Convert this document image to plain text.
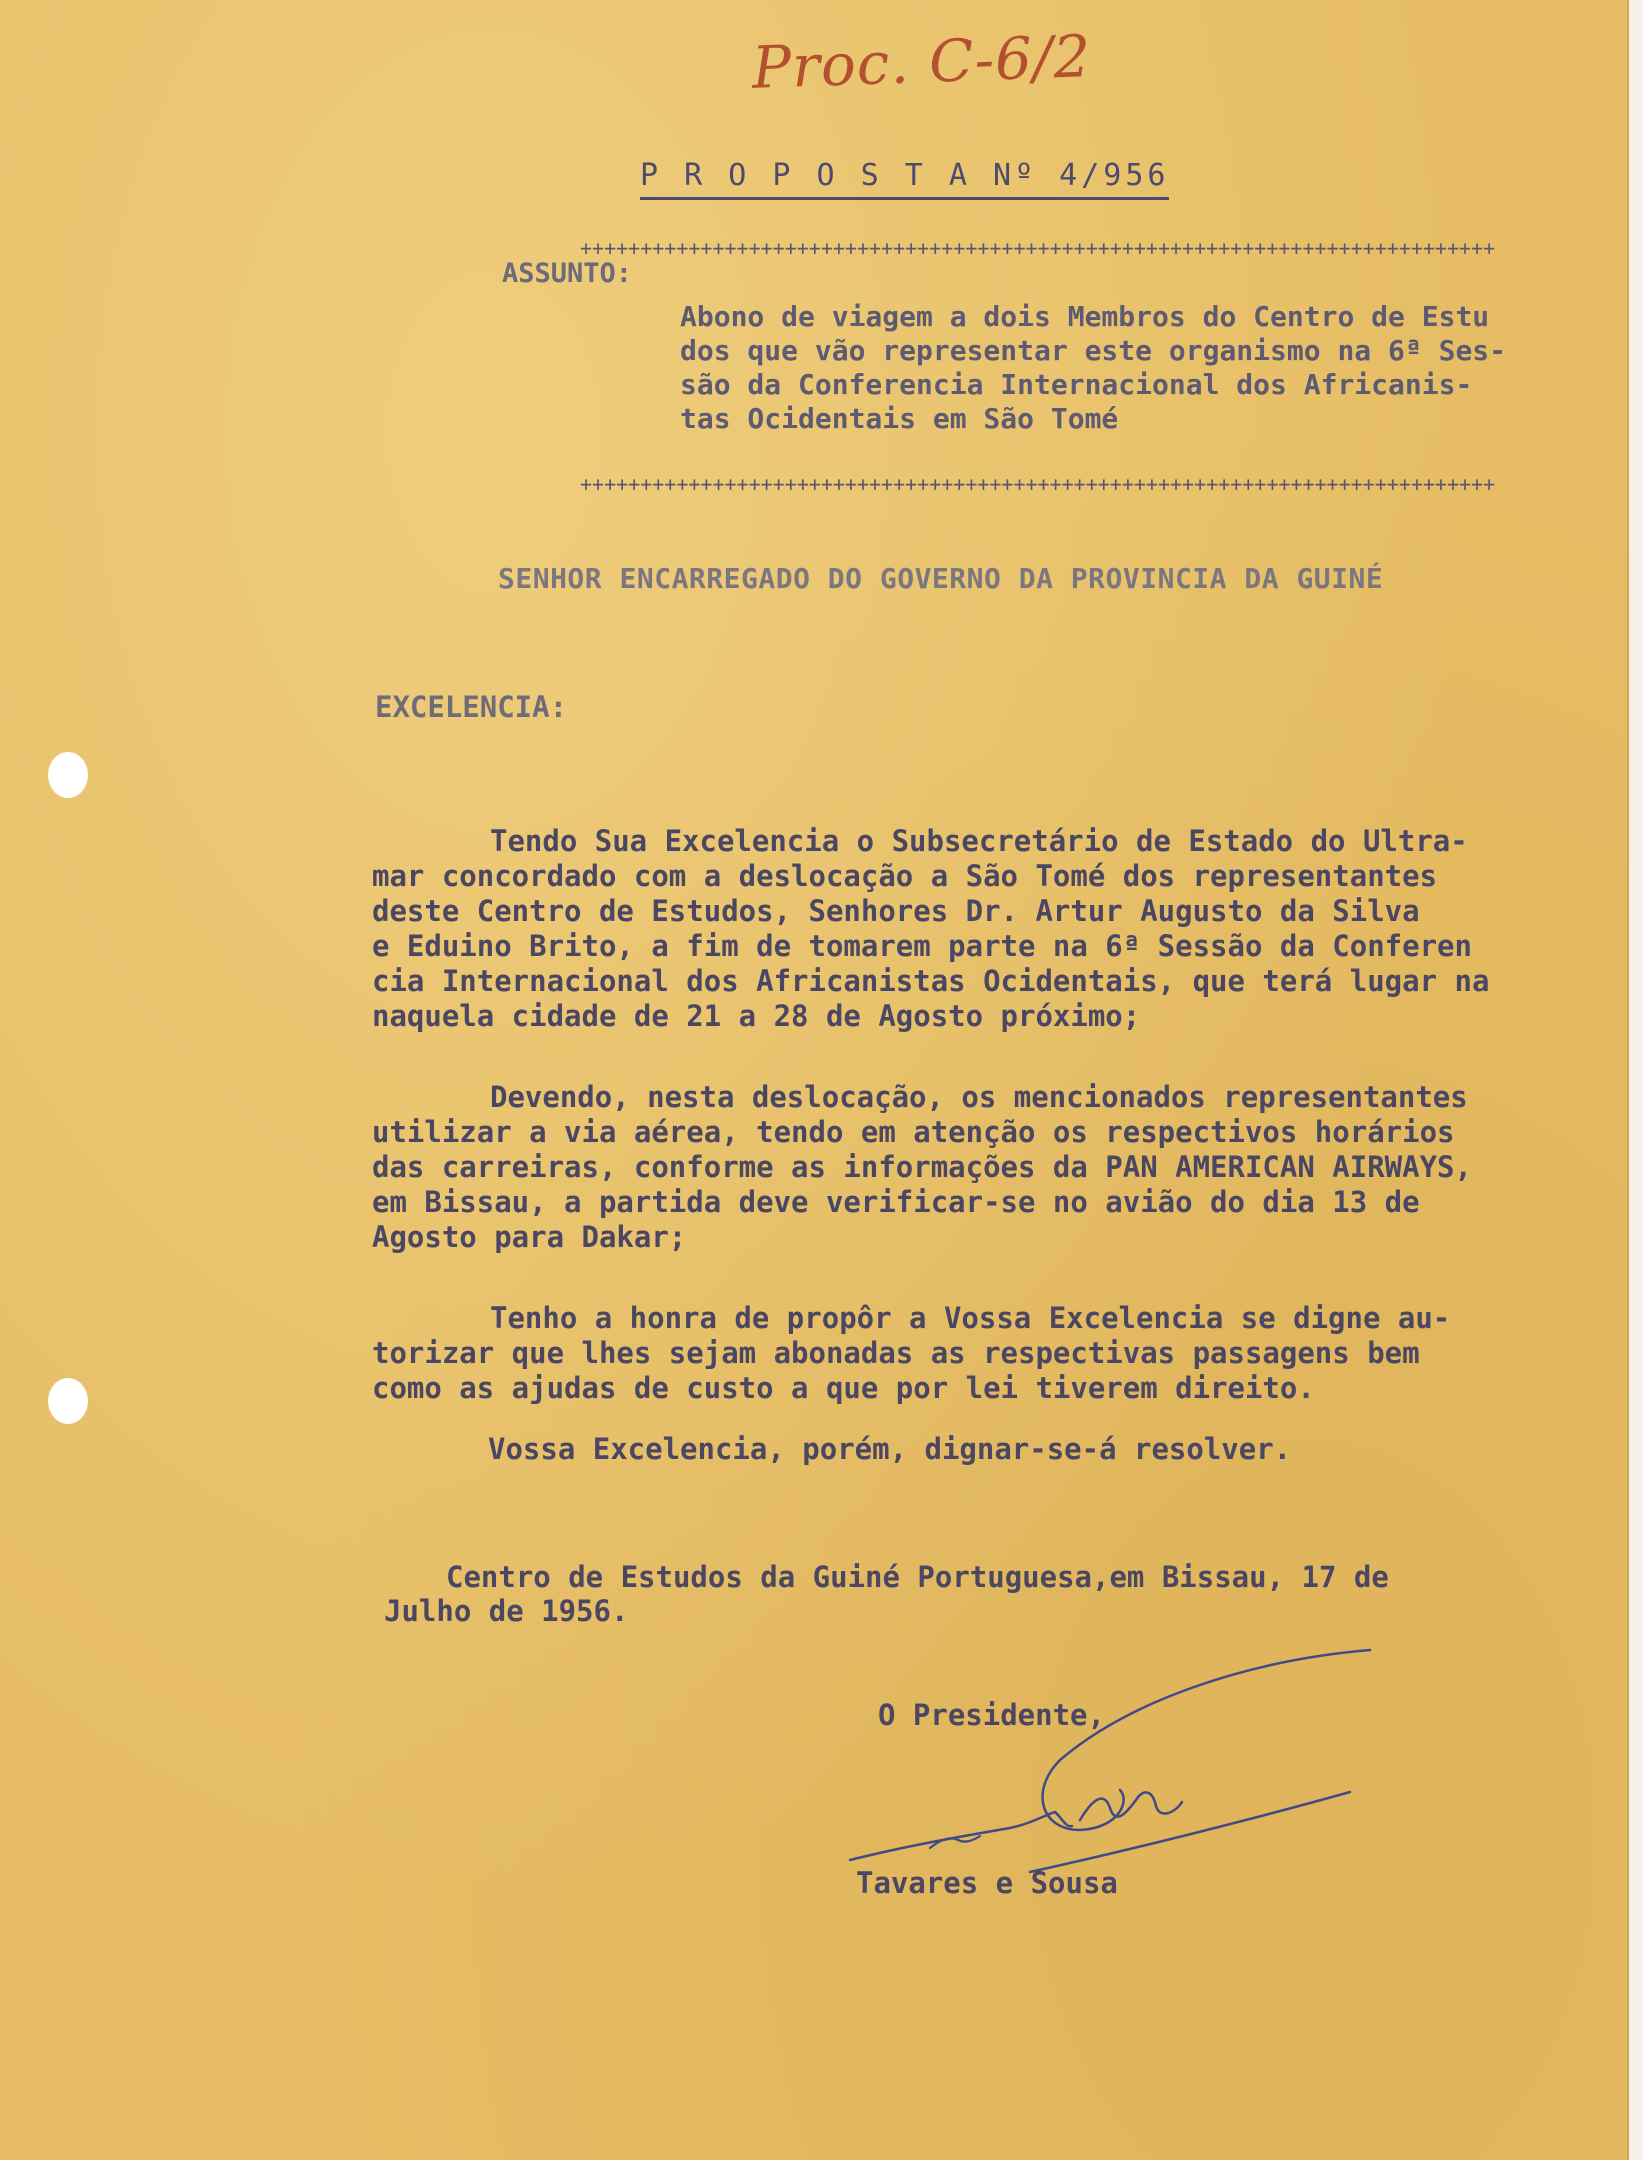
Proc. C-6/2
P R O P O S T A Nº 4/956
++++++++++++++++++++++++++++++++++++++++++++++++++++++++++++++++++++++++++++
ASSUNTO:

Abono de viagem a dois Membros do Centro de Estu

dos que vão representar este organismo na 6ª Ses-

são da Conferencia Internacional dos Africanis-

tas Ocidentais em São Tomé

++++++++++++++++++++++++++++++++++++++++++++++++++++++++++++++++++++++++++++
SENHOR ENCARREGADO DO GOVERNO DA PROVINCIA DA GUINÉ
EXCELENCIA:
Tendo Sua Excelencia o Subsecretário de Estado do Ultra-
mar concordado com a deslocação a São Tomé dos representantes
deste Centro de Estudos, Senhores Dr. Artur Augusto da Silva
e Eduino Brito, a fim de tomarem parte na 6ª Sessão da Conferen
cia Internacional dos Africanistas Ocidentais, que terá lugar na
naquela cidade de 21 a 28 de Agosto próximo;
Devendo, nesta deslocação, os mencionados representantes
utilizar a via aérea, tendo em atenção os respectivos horários
das carreiras, conforme as informações da PAN AMERICAN AIRWAYS,
em Bissau, a partida deve verificar-se no avião do dia 13 de
Agosto para Dakar;
Tenho a honra de propôr a Vossa Excelencia se digne au-
torizar que lhes sejam abonadas as respectivas passagens bem
como as ajudas de custo a que por lei tiverem direito.
Vossa Excelencia, porém, dignar-se-á resolver.
Centro de Estudos da Guiné Portuguesa,em Bissau, 17 de
Julho de 1956.
O Presidente,
Tavares e Sousa
